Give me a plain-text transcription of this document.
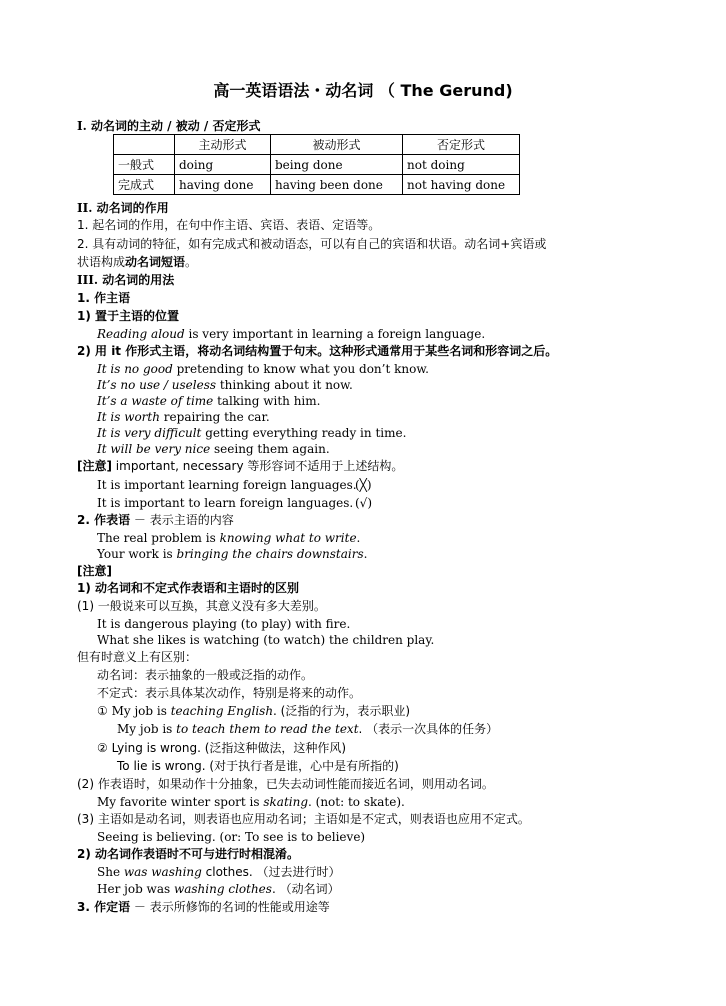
高一英语语法・动名词 （ The Gerund)
I. 动名词的主动 / 被动 / 否定形式
	主动形式	被动形式	否定形式
一般式	doing	being done	not doing
完成式	having done	having been done	not having done
II. 动名词的作用
1. 起名词的作用，在句中作主语、宾语、表语、定语等。
2. 具有动词的特征，如有完成式和被动语态，可以有自己的宾语和状语。动名词+宾语或
状语构成动名词短语。
III. 动名词的用法
1. 作主语
1) 置于主语的位置
Reading aloud is very important in learning a foreign language.
2) 用 it 作形式主语，将动名词结构置于句末。这种形式通常用于某些名词和形容词之后。
It is no good pretending to know what you don’t know.
It’s no use / useless thinking about it now.
It’s a waste of time talking with him.
It is worth repairing the car.
It is very difficult getting everything ready in time.
It will be very nice seeing them again.
[注意] important, necessary 等形容词不适用于上述结构。
It is important learning foreign languages.
(╳)
It is important to learn foreign languages. (√)
2. 作表语 － 表示主语的内容
The real problem is knowing what to write.
Your work is bringing the chairs downstairs.
[注意]
1) 动名词和不定式作表语和主语时的区别
(1) 一般说来可以互换，其意义没有多大差别。
It is dangerous playing (to play) with fire.
What she likes is watching (to watch) the children play.
但有时意义上有区别：
动名词：表示抽象的一般或泛指的动作。
不定式：表示具体某次动作，特别是将来的动作。
① My job is teaching English. (泛指的行为，表示职业)
My job is to teach them to read the text. （表示一次具体的任务）
② Lying is wrong. (泛指这种做法，这种作风)
To lie is wrong. (对于执行者是谁，心中是有所指的)
(2) 作表语时，如果动作十分抽象，已失去动词性能而接近名词，则用动名词。
My favorite winter sport is skating. (not: to skate).
(3) 主语如是动名词，则表语也应用动名词；主语如是不定式，则表语也应用不定式。
Seeing is believing. (or: To see is to believe)
2) 动名词作表语时不可与进行时相混淆。
She was washing clothes. （过去进行时）
Her job was washing clothes. （动名词）
3. 作定语 － 表示所修饰的名词的性能或用途等
